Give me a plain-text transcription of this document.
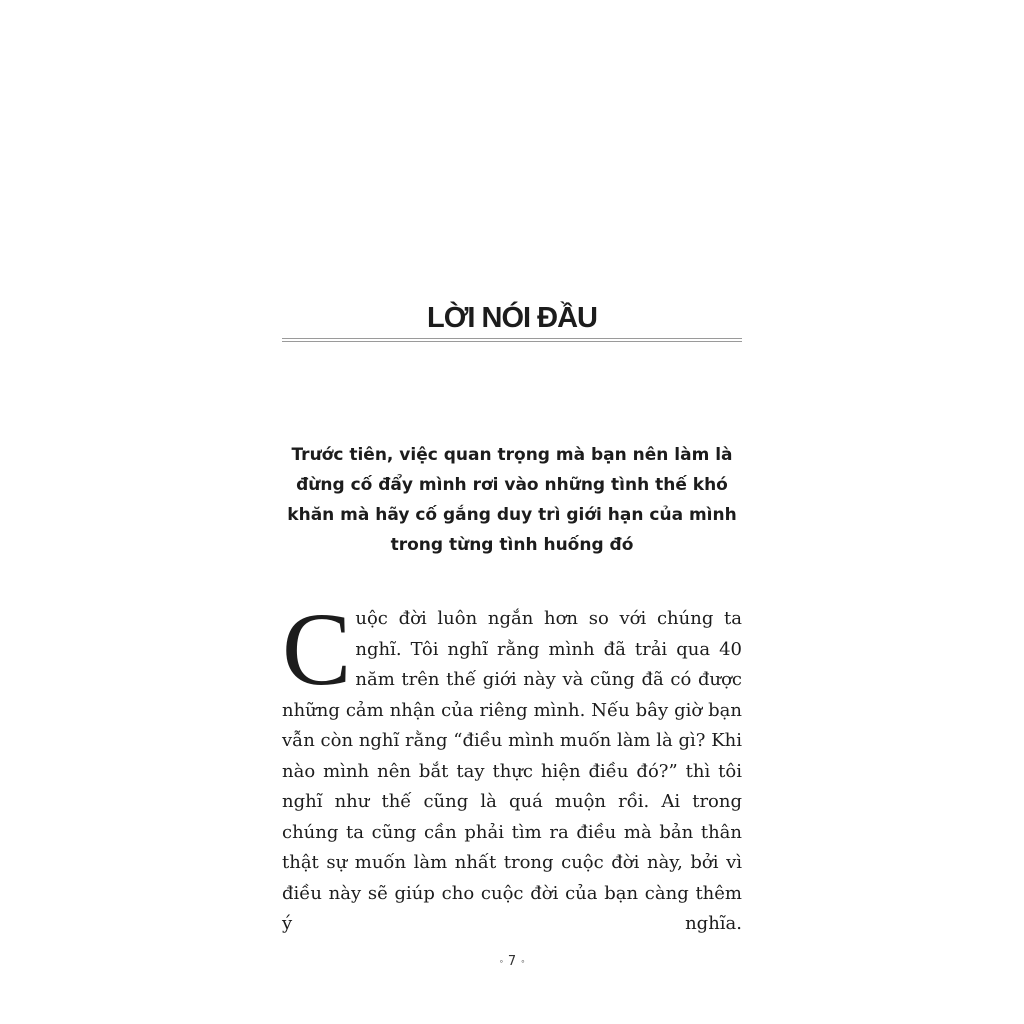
LỜI NÓI ĐẦU

Trước tiên, việc quan trọng mà bạn nên làm là đừng cố đẩy mình rơi vào những tình thế khó khăn mà hãy cố gắng duy trì giới hạn của mình trong từng tình huống đó

Cuộc đời luôn ngắn hơn so với chúng ta nghĩ. Tôi nghĩ rằng mình đã trải qua 40 năm trên thế giới này và cũng đã có được những cảm nhận của riêng mình. Nếu bây giờ bạn vẫn còn nghĩ rằng “điều mình muốn làm là gì? Khi nào mình nên bắt tay thực hiện điều đó?” thì tôi nghĩ như thế cũng là quá muộn rồi. Ai trong chúng ta cũng cần phải tìm ra điều mà bản thân thật sự muốn làm nhất trong cuộc đời này, bởi vì điều này sẽ giúp cho cuộc đời của bạn càng thêm ý nghĩa.

∘ 7 ∘
